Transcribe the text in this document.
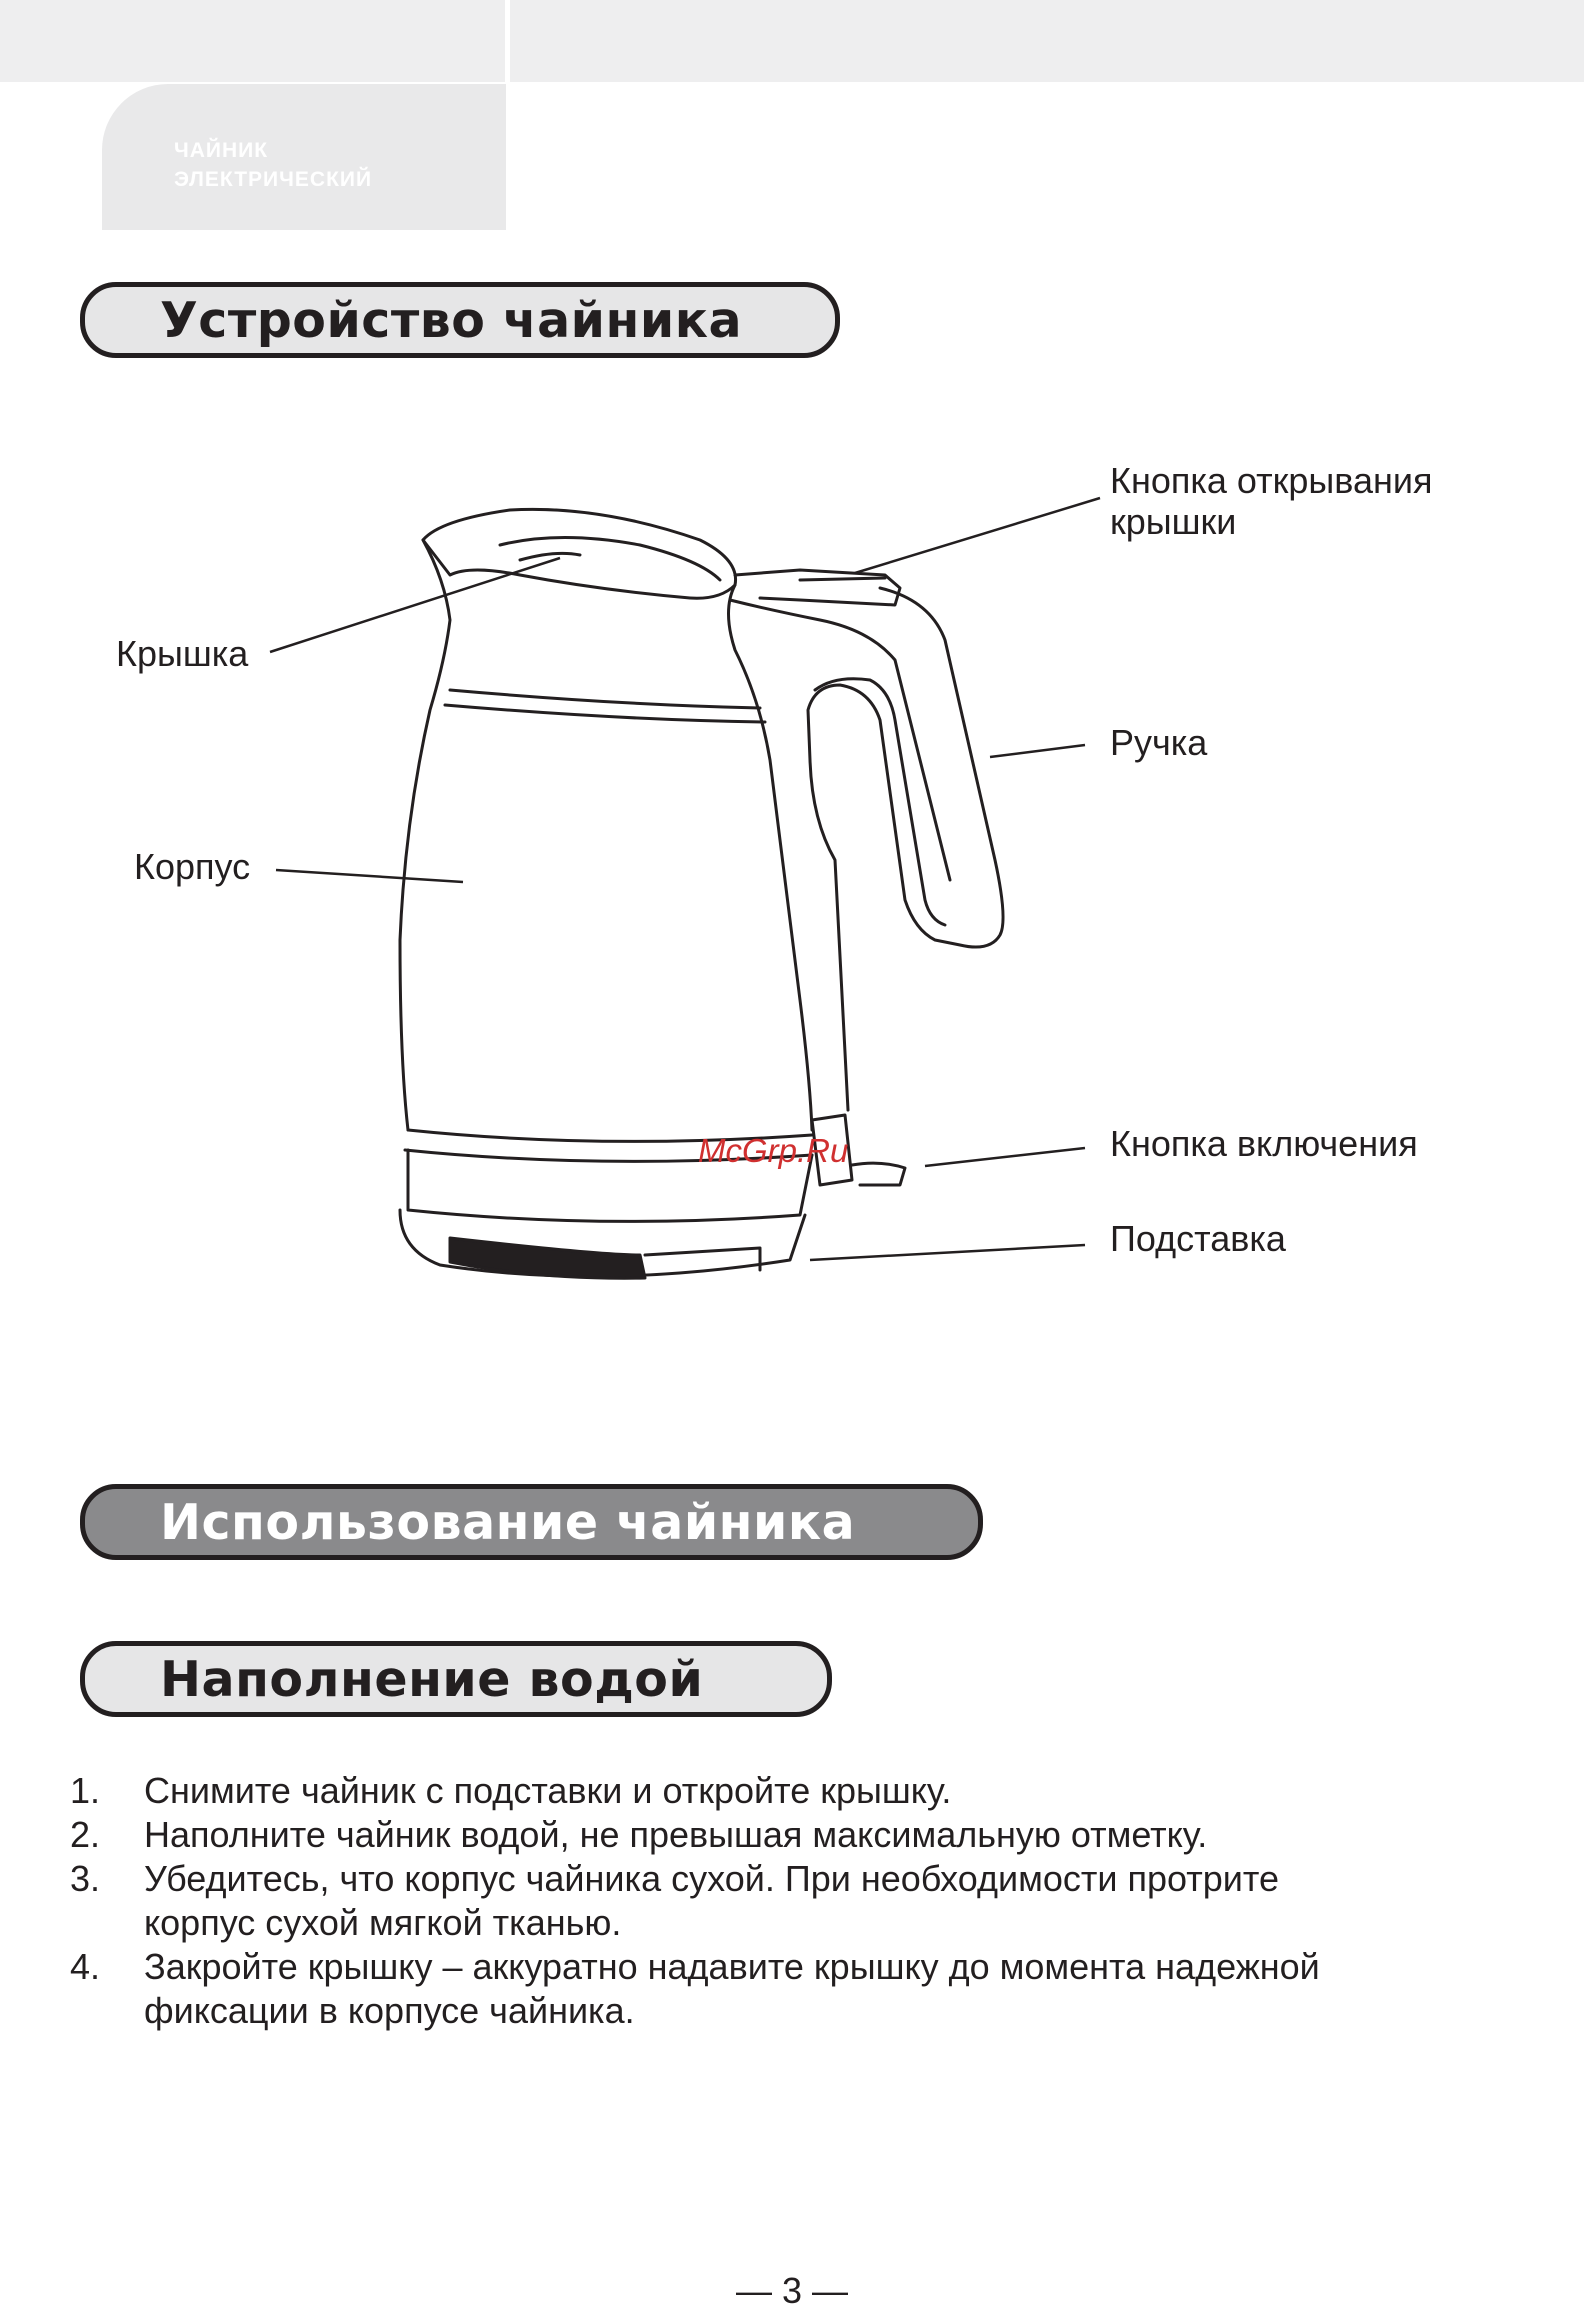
ЧАЙНИК
ЭЛЕКТРИЧЕСКИЙ
Устройство чайника
Кнопка открывания
крышки
Крышка
Ручка
Корпус
Кнопка включения
Подставка
McGrp.Ru
Использование чайника
Наполнение водой
1. Снимите чайник с подставки и откройте крышку.
2. Наполните чайник водой, не превышая максимальную отметку.
3. Убедитесь, что корпус чайника сухой. При необходимости протрите
корпус сухой мягкой тканью.
4. Закройте крышку – аккуратно надавите крышку до момента надежной
фиксации в корпусе чайника.
— 3 —
